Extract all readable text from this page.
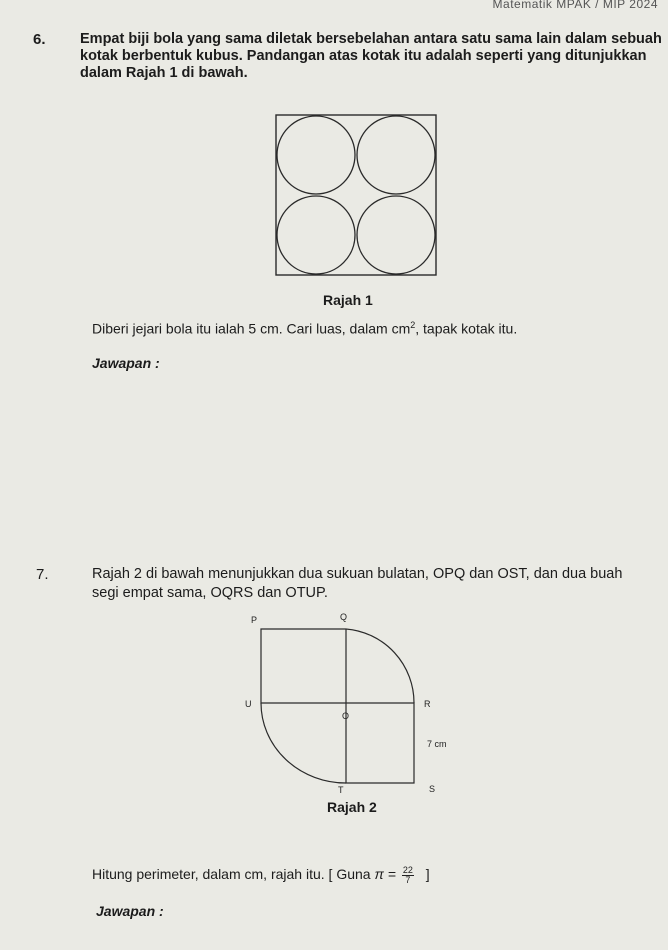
Matematik MPAK / MIP 2024
6. Empat biji bola yang sama diletak bersebelahan antara satu sama lain dalam sebuah
kotak berbentuk kubus. Pandangan atas kotak itu adalah seperti yang ditunjukkan
dalam Rajah 1 di bawah.
Rajah 1
Diberi jejari bola itu ialah 5 cm. Cari luas, dalam $cm^2$, tapak kotak itu.
Jawapan :
7.	Rajah 2 di bawah menunjukkan dua sukuan bulatan, OPQ dan OST, dan dua buah
segi empat sama, OQRS dan OTUP.
P	Q
U
O
R
7 cm
T	S
Rajah 2
Hitung perimeter, dalam cm, rajah itu. [ Guna $\pi = \frac{22}{7}$ ]
Jawapan :
